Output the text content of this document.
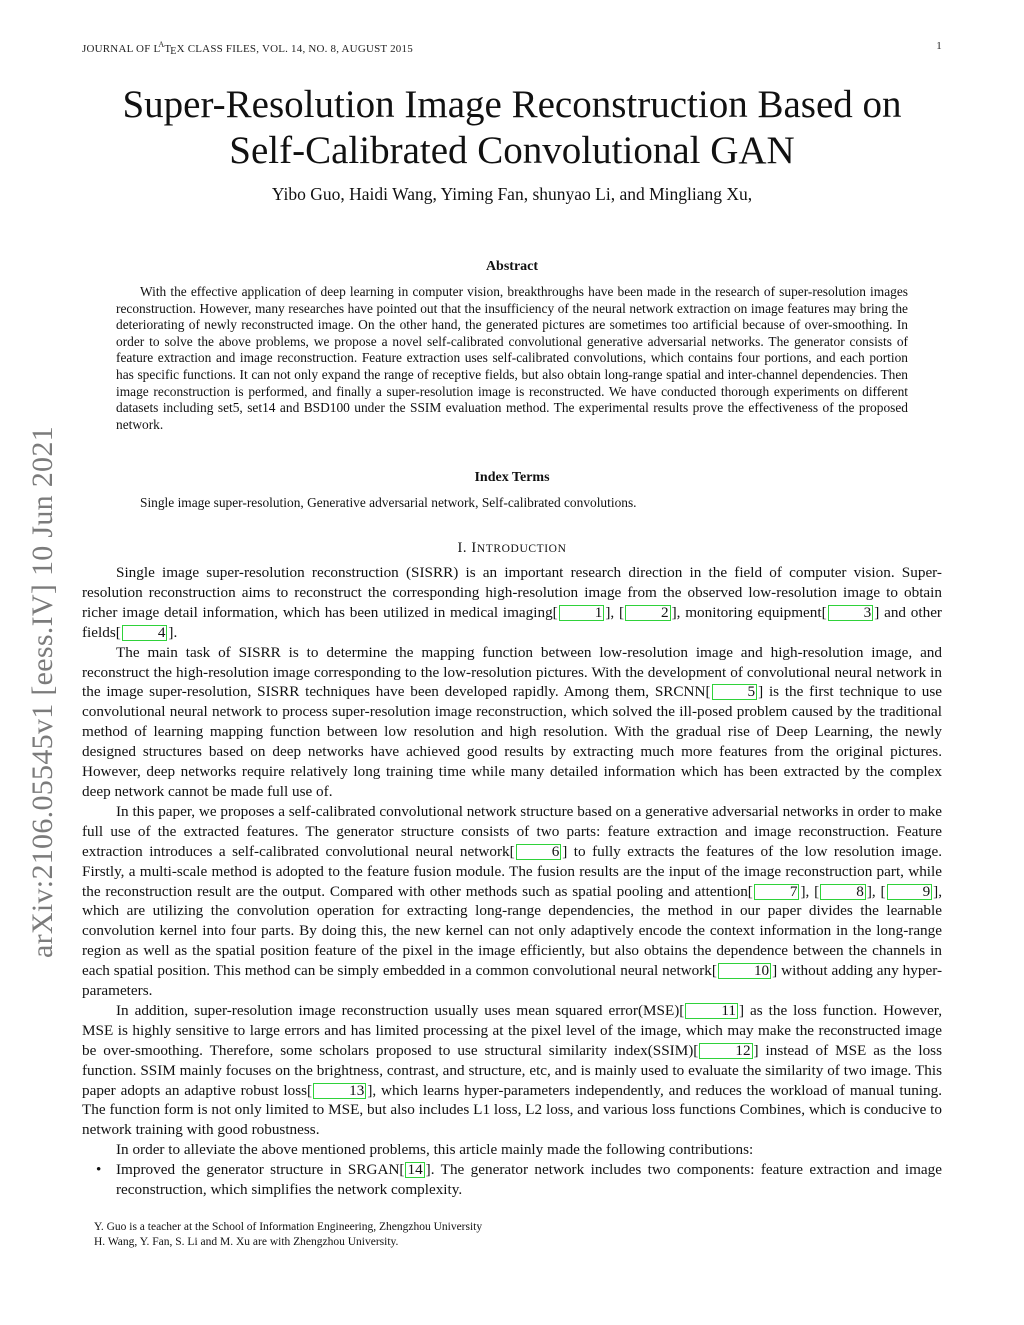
JOURNAL OF $L^AT_EX$ CLASS FILES, VOL. 14, NO. 8, AUGUST 2015	1
arXiv:2106.05545v1 [eess.IV] 10 Jun 2021
Super-Resolution Image Reconstruction Based on
Self-Calibrated Convolutional GAN
Yibo Guo, Haidi Wang, Yiming Fan, shunyao Li, and Mingliang Xu,
Abstract
With the effective application of deep learning in computer vision, breakthroughs have been made in the research of super-resolution images reconstruction. However, many researches have pointed out that the insufficiency of the neural network extraction on image features may bring the deteriorating of newly reconstructed image. On the other hand, the generated pictures are sometimes too artificial because of over-smoothing. In order to solve the above problems, we propose a novel self-calibrated convolutional generative adversarial networks. The generator consists of feature extraction and image reconstruction. Feature extraction uses self-calibrated convolutions, which contains four portions, and each portion has specific functions. It can not only expand the range of receptive fields, but also obtain long-range spatial and inter-channel dependencies. Then image reconstruction is performed, and finally a super-resolution image is reconstructed. We have conducted thorough experiments on different datasets including set5, set14 and BSD100 under the SSIM evaluation method. The experimental results prove the effectiveness of the proposed network.
Index Terms
Single image super-resolution, Generative adversarial network, Self-calibrated convolutions.
I. INTRODUCTION

Single image super-resolution reconstruction (SISRR) is an important research direction in the field of computer vision. Super-resolution reconstruction aims to reconstruct the corresponding high-resolution image from the observed low-resolution image to obtain richer image detail information, which has been utilized in medical imaging[ 1 ], [ 2 ], monitoring equipment[ 3 ] and other fields[ 4 ].

The main task of SISRR is to determine the mapping function between low-resolution image and high-resolution image, and reconstruct the high-resolution image corresponding to the low-resolution pictures. With the development of convolutional neural network in the image super-resolution, SISRR techniques have been developed rapidly. Among them, SRCNN[ 5 ] is the first technique to use convolutional neural network to process super-resolution image reconstruction, which solved the ill-posed problem caused by the traditional method of learning mapping function between low resolution and high resolution. With the gradual rise of Deep Learning, the newly designed structures based on deep networks have achieved good results by extracting much more features from the original pictures. However, deep networks require relatively long training time while many detailed information which has been extracted by the complex deep network cannot be made full use of.

In this paper, we proposes a self-calibrated convolutional network structure based on a generative adversarial networks in order to make full use of the extracted features. The generator structure consists of two parts: feature extraction and image reconstruction. Feature extraction introduces a self-calibrated convolutional neural network[ 6 ] to fully extracts the features of the low resolution image. Firstly, a multi-scale method is adopted to the feature fusion module. The fusion results are the input of the image reconstruction part, while the reconstruction result are the output. Compared with other methods such as spatial pooling and attention[ 7 ], [ 8 ], [ 9 ], which are utilizing the convolution operation for extracting long-range dependencies, the method in our paper divides the learnable convolution kernel into four parts. By doing this, the new kernel can not only adaptively encode the context information in the long-range region as well as the spatial position feature of the pixel in the image efficiently, but also obtains the dependence between the channels in each spatial position. This method can be simply embedded in a common convolutional neural network[ 10 ] without adding any hyper-parameters.

In addition, super-resolution image reconstruction usually uses mean squared error(MSE)[ 11 ] as the loss function. However, MSE is highly sensitive to large errors and has limited processing at the pixel level of the image, which may make the reconstructed image be over-smoothing. Therefore, some scholars proposed to use structural similarity index(SSIM)[ 12 ] instead of MSE as the loss function. SSIM mainly focuses on the brightness, contrast, and structure, etc, and is mainly used to evaluate the similarity of two image. This paper adopts an adaptive robust loss[ 13 ], which learns hyper-parameters independently, and reduces the workload of manual tuning. The function form is not only limited to MSE, but also includes L1 loss, L2 loss, and various loss functions Combines, which is conducive to network training with good robustness.

In order to alleviate the above mentioned problems, this article mainly made the following contributions:

• Improved the generator structure in SRGAN[ 14 ]. The generator network includes two components: feature extraction and image reconstruction, which simplifies the network complexity.
Y. Guo is a teacher at the School of Information Engineering, Zhengzhou University
H. Wang, Y. Fan, S. Li and M. Xu are with Zhengzhou University.
